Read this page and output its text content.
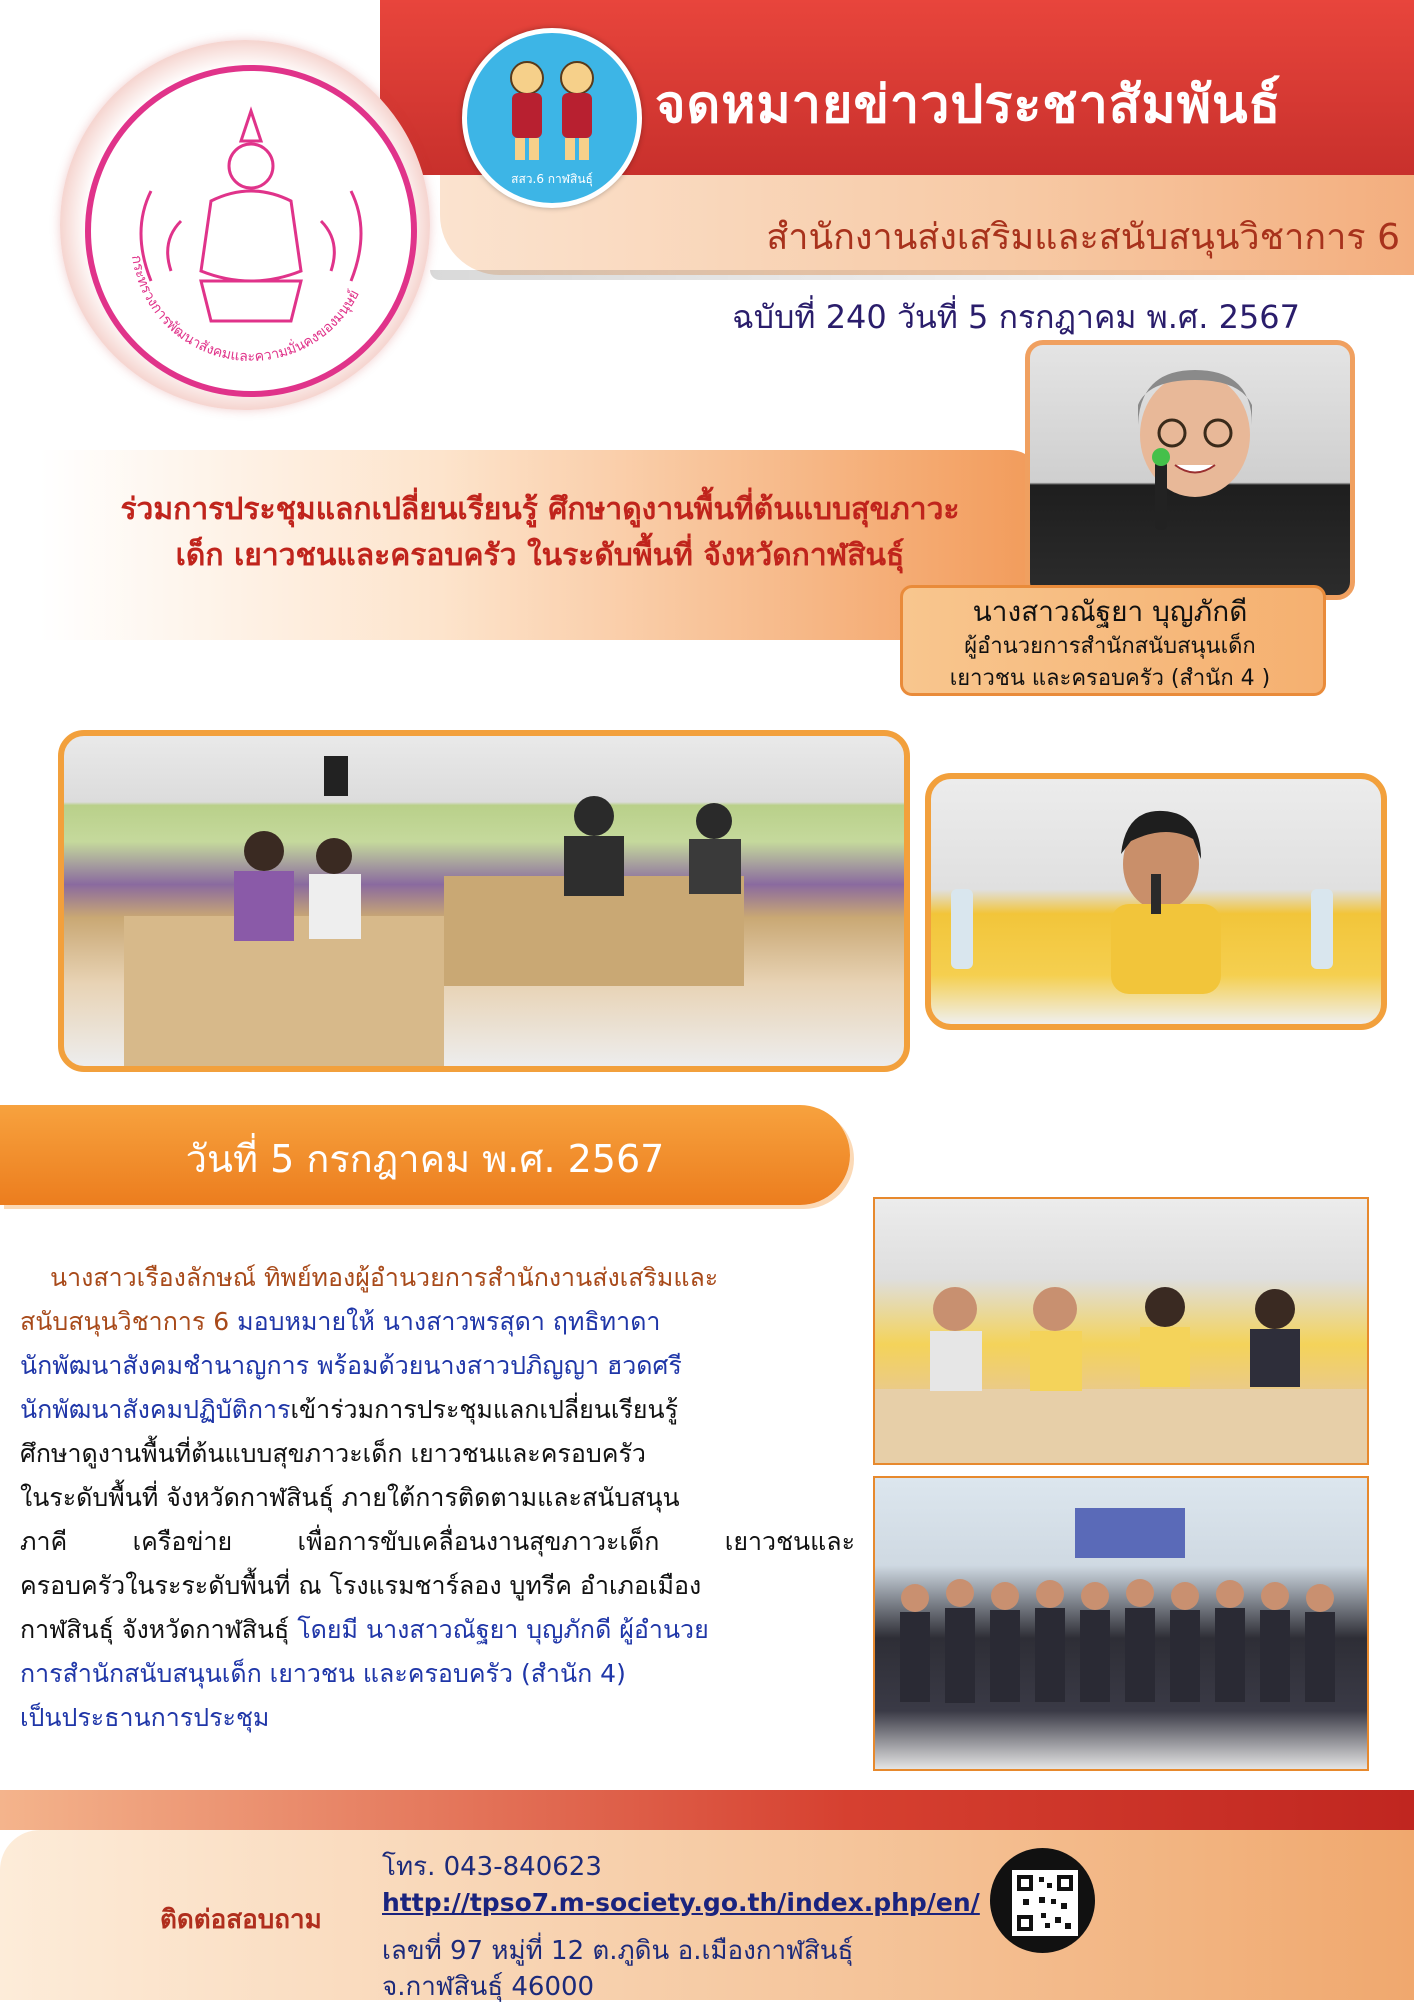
กระทรวงการพัฒนาสังคมและความมั่นคงของมนุษย์
สสว.6 กาฬสินธุ์
จดหมายข่าวประชาสัมพันธ์
สำนักงานส่งเสริมและสนับสนุนวิชาการ 6
ฉบับที่ 240 วันที่ 5 กรกฎาคม พ.ศ. 2567
ร่วมการประชุมแลกเปลี่ยนเรียนรู้ ศึกษาดูงานพื้นที่ต้นแบบสุขภาวะ
เด็ก เยาวชนและครอบครัว ในระดับพื้นที่ จังหวัดกาฬสินธุ์
นางสาวณัฐยา บุญภักดี
ผู้อำนวยการสำนักสนับสนุนเด็ก
เยาวชน และครอบครัว (สำนัก 4 )
วันที่ 5 กรกฎาคม พ.ศ. 2567
นางสาวเรืองลักษณ์ ทิพย์ทองผู้อำนวยการสำนักงานส่งเสริมและ
สนับสนุนวิชาการ 6 มอบหมายให้ นางสาวพรสุดา ฤทธิทาดา
นักพัฒนาสังคมชำนาญการ พร้อมด้วยนางสาวปภิญญา ฮวดศรี
นักพัฒนาสังคมปฏิบัติการเข้าร่วมการประชุมแลกเปลี่ยนเรียนรู้
ศึกษาดูงานพื้นที่ต้นแบบสุขภาวะเด็ก เยาวชนและครอบครัว
ในระดับพื้นที่ จังหวัดกาฬสินธุ์ ภายใต้การติดตามและสนับสนุน
ภาคี เครือข่าย เพื่อการขับเคลื่อนงานสุขภาวะเด็ก เยาวชนและ
ครอบครัวในระระดับพื้นที่ ณ โรงแรมชาร์ลอง บูทรีค อำเภอเมือง
กาฬสินธุ์ จังหวัดกาฬสินธุ์ โดยมี นางสาวณัฐยา บุญภักดี ผู้อำนวย
การสำนักสนับสนุนเด็ก เยาวชน และครอบครัว (สำนัก 4)
เป็นประธานการประชุม
ติดต่อสอบถาม
โทร. 043-840623
http://tpso7.m-society.go.th/index.php/en/
เลขที่ 97 หมู่ที่ 12 ต.ภูดิน อ.เมืองกาฬสินธุ์
จ.กาฬสินธุ์ 46000
